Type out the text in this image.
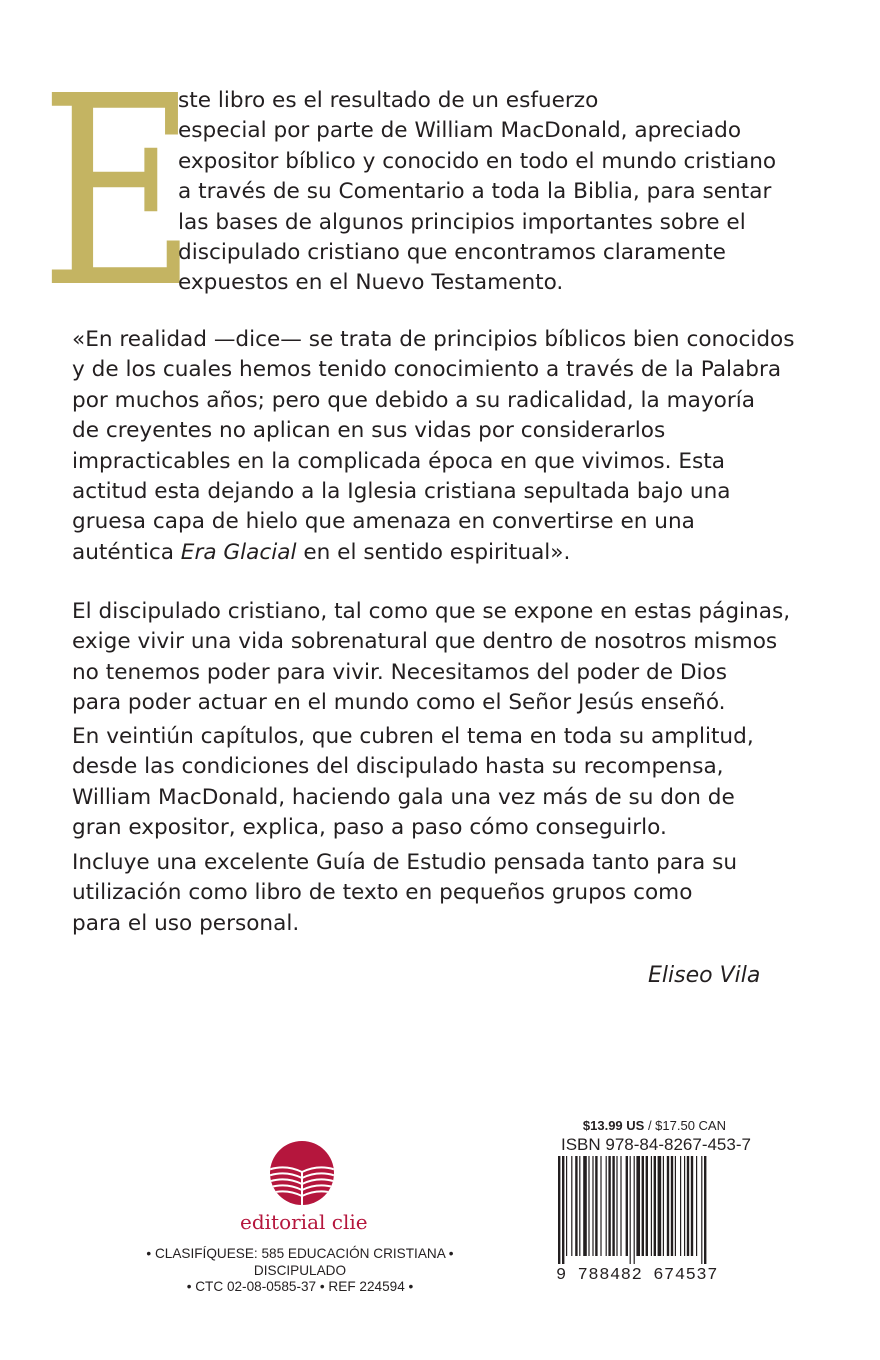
E

ste libro es el resultado de un esfuerzo
especial por parte de William MacDonald, apreciado
expositor bíblico y conocido en todo el mundo cristiano
a través de su Comentario a toda la Biblia, para sentar
las bases de algunos principios importantes sobre el
discipulado cristiano que encontramos claramente
expuestos en el Nuevo Testamento.

«En realidad —dice— se trata de principios bíblicos bien conocidos
y de los cuales hemos tenido conocimiento a través de la Palabra
por muchos años; pero que debido a su radicalidad, la mayoría
de creyentes no aplican en sus vidas por considerarlos
impracticables en la complicada época en que vivimos. Esta
actitud esta dejando a la Iglesia cristiana sepultada bajo una
gruesa capa de hielo que amenaza en convertirse en una
auténtica Era Glacial en el sentido espiritual».

El discipulado cristiano, tal como que se expone en estas páginas,
exige vivir una vida sobrenatural que dentro de nosotros mismos
no tenemos poder para vivir. Necesitamos del poder de Dios
para poder actuar en el mundo como el Señor Jesús enseñó.

En veintiún capítulos, que cubren el tema en toda su amplitud,
desde las condiciones del discipulado hasta su recompensa,
William MacDonald, haciendo gala una vez más de su don de
gran expositor, explica, paso a paso cómo conseguirlo.

Incluye una excelente Guía de Estudio pensada tanto para su
utilización como libro de texto en pequeños grupos como
para el uso personal.

Eliseo Vila
editorial clie
• CLASIFÍQUESE: 585 EDUCACIÓN CRISTIANA •
DISCIPULADO
• CTC 02-08-0585-37 • REF 224594 •
$13.99 US / $17.50 CAN
ISBN 978-84-8267-453-7
9 788482 674537
